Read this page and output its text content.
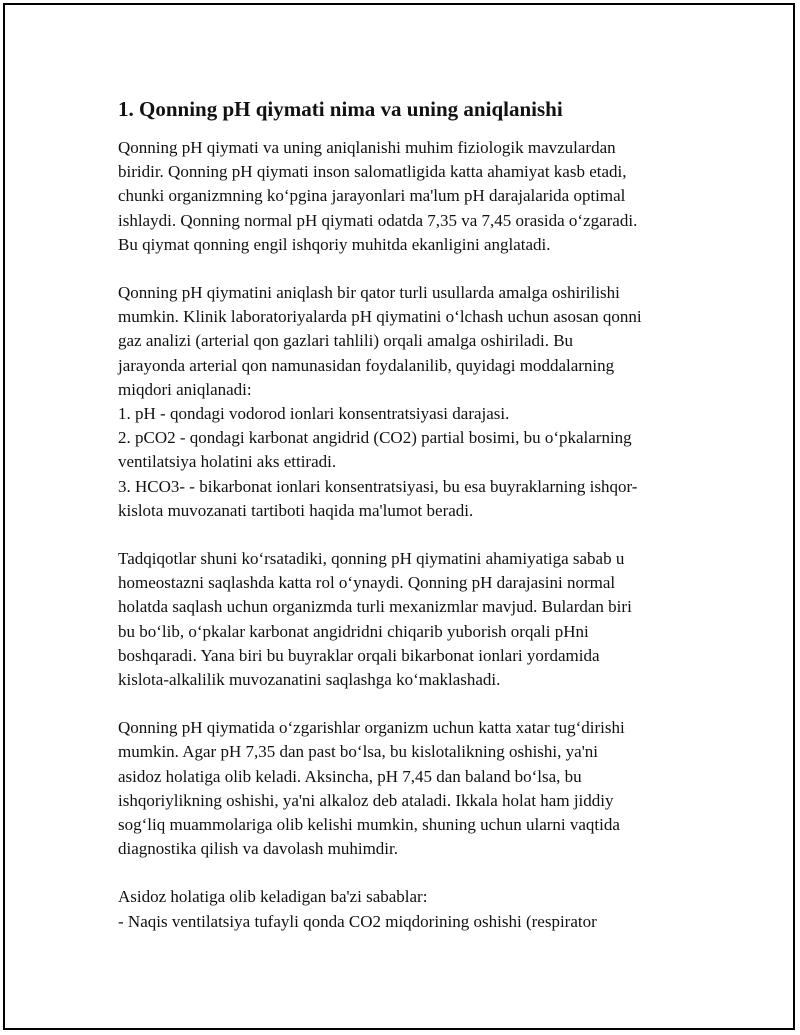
1. Qonning pH qiymati nima va uning aniqlanishi
Qonning pH qiymati va uning aniqlanishi muhim fiziologik mavzulardan
biridir. Qonning pH qiymati inson salomatligida katta ahamiyat kasb etadi,
chunki organizmning ko‘pgina jarayonlari ma'lum pH darajalarida optimal
ishlaydi. Qonning normal pH qiymati odatda 7,35 va 7,45 orasida o‘zgaradi.
Bu qiymat qonning engil ishqoriy muhitda ekanligini anglatadi.
Qonning pH qiymatini aniqlash bir qator turli usullarda amalga oshirilishi
mumkin. Klinik laboratoriyalarda pH qiymatini o‘lchash uchun asosan qonni
gaz analizi (arterial qon gazlari tahlili) orqali amalga oshiriladi. Bu
jarayonda arterial qon namunasidan foydalanilib, quyidagi moddalarning
miqdori aniqlanadi:
1. pH - qondagi vodorod ionlari konsentratsiyasi darajasi.
2. pCO2 - qondagi karbonat angidrid (CO2) partial bosimi, bu o‘pkalarning
ventilatsiya holatini aks ettiradi.
3. HCO3- - bikarbonat ionlari konsentratsiyasi, bu esa buyraklarning ishqor-
kislota muvozanati tartiboti haqida ma'lumot beradi.
Tadqiqotlar shuni ko‘rsatadiki, qonning pH qiymatini ahamiyatiga sabab u
homeostazni saqlashda katta rol o‘ynaydi. Qonning pH darajasini normal
holatda saqlash uchun organizmda turli mexanizmlar mavjud. Bulardan biri
bu bo‘lib, o‘pkalar karbonat angidridni chiqarib yuborish orqali pHni
boshqaradi. Yana biri bu buyraklar orqali bikarbonat ionlari yordamida
kislota-alkalilik muvozanatini saqlashga ko‘maklashadi.
Qonning pH qiymatida o‘zgarishlar organizm uchun katta xatar tug‘dirishi
mumkin. Agar pH 7,35 dan past bo‘lsa, bu kislotalikning oshishi, ya'ni
asidoz holatiga olib keladi. Aksincha, pH 7,45 dan baland bo‘lsa, bu
ishqoriylikning oshishi, ya'ni alkaloz deb ataladi. Ikkala holat ham jiddiy
sog‘liq muammolariga olib kelishi mumkin, shuning uchun ularni vaqtida
diagnostika qilish va davolash muhimdir.
Asidoz holatiga olib keladigan ba'zi sabablar:
- Naqis ventilatsiya tufayli qonda CO2 miqdorining oshishi (respirator
